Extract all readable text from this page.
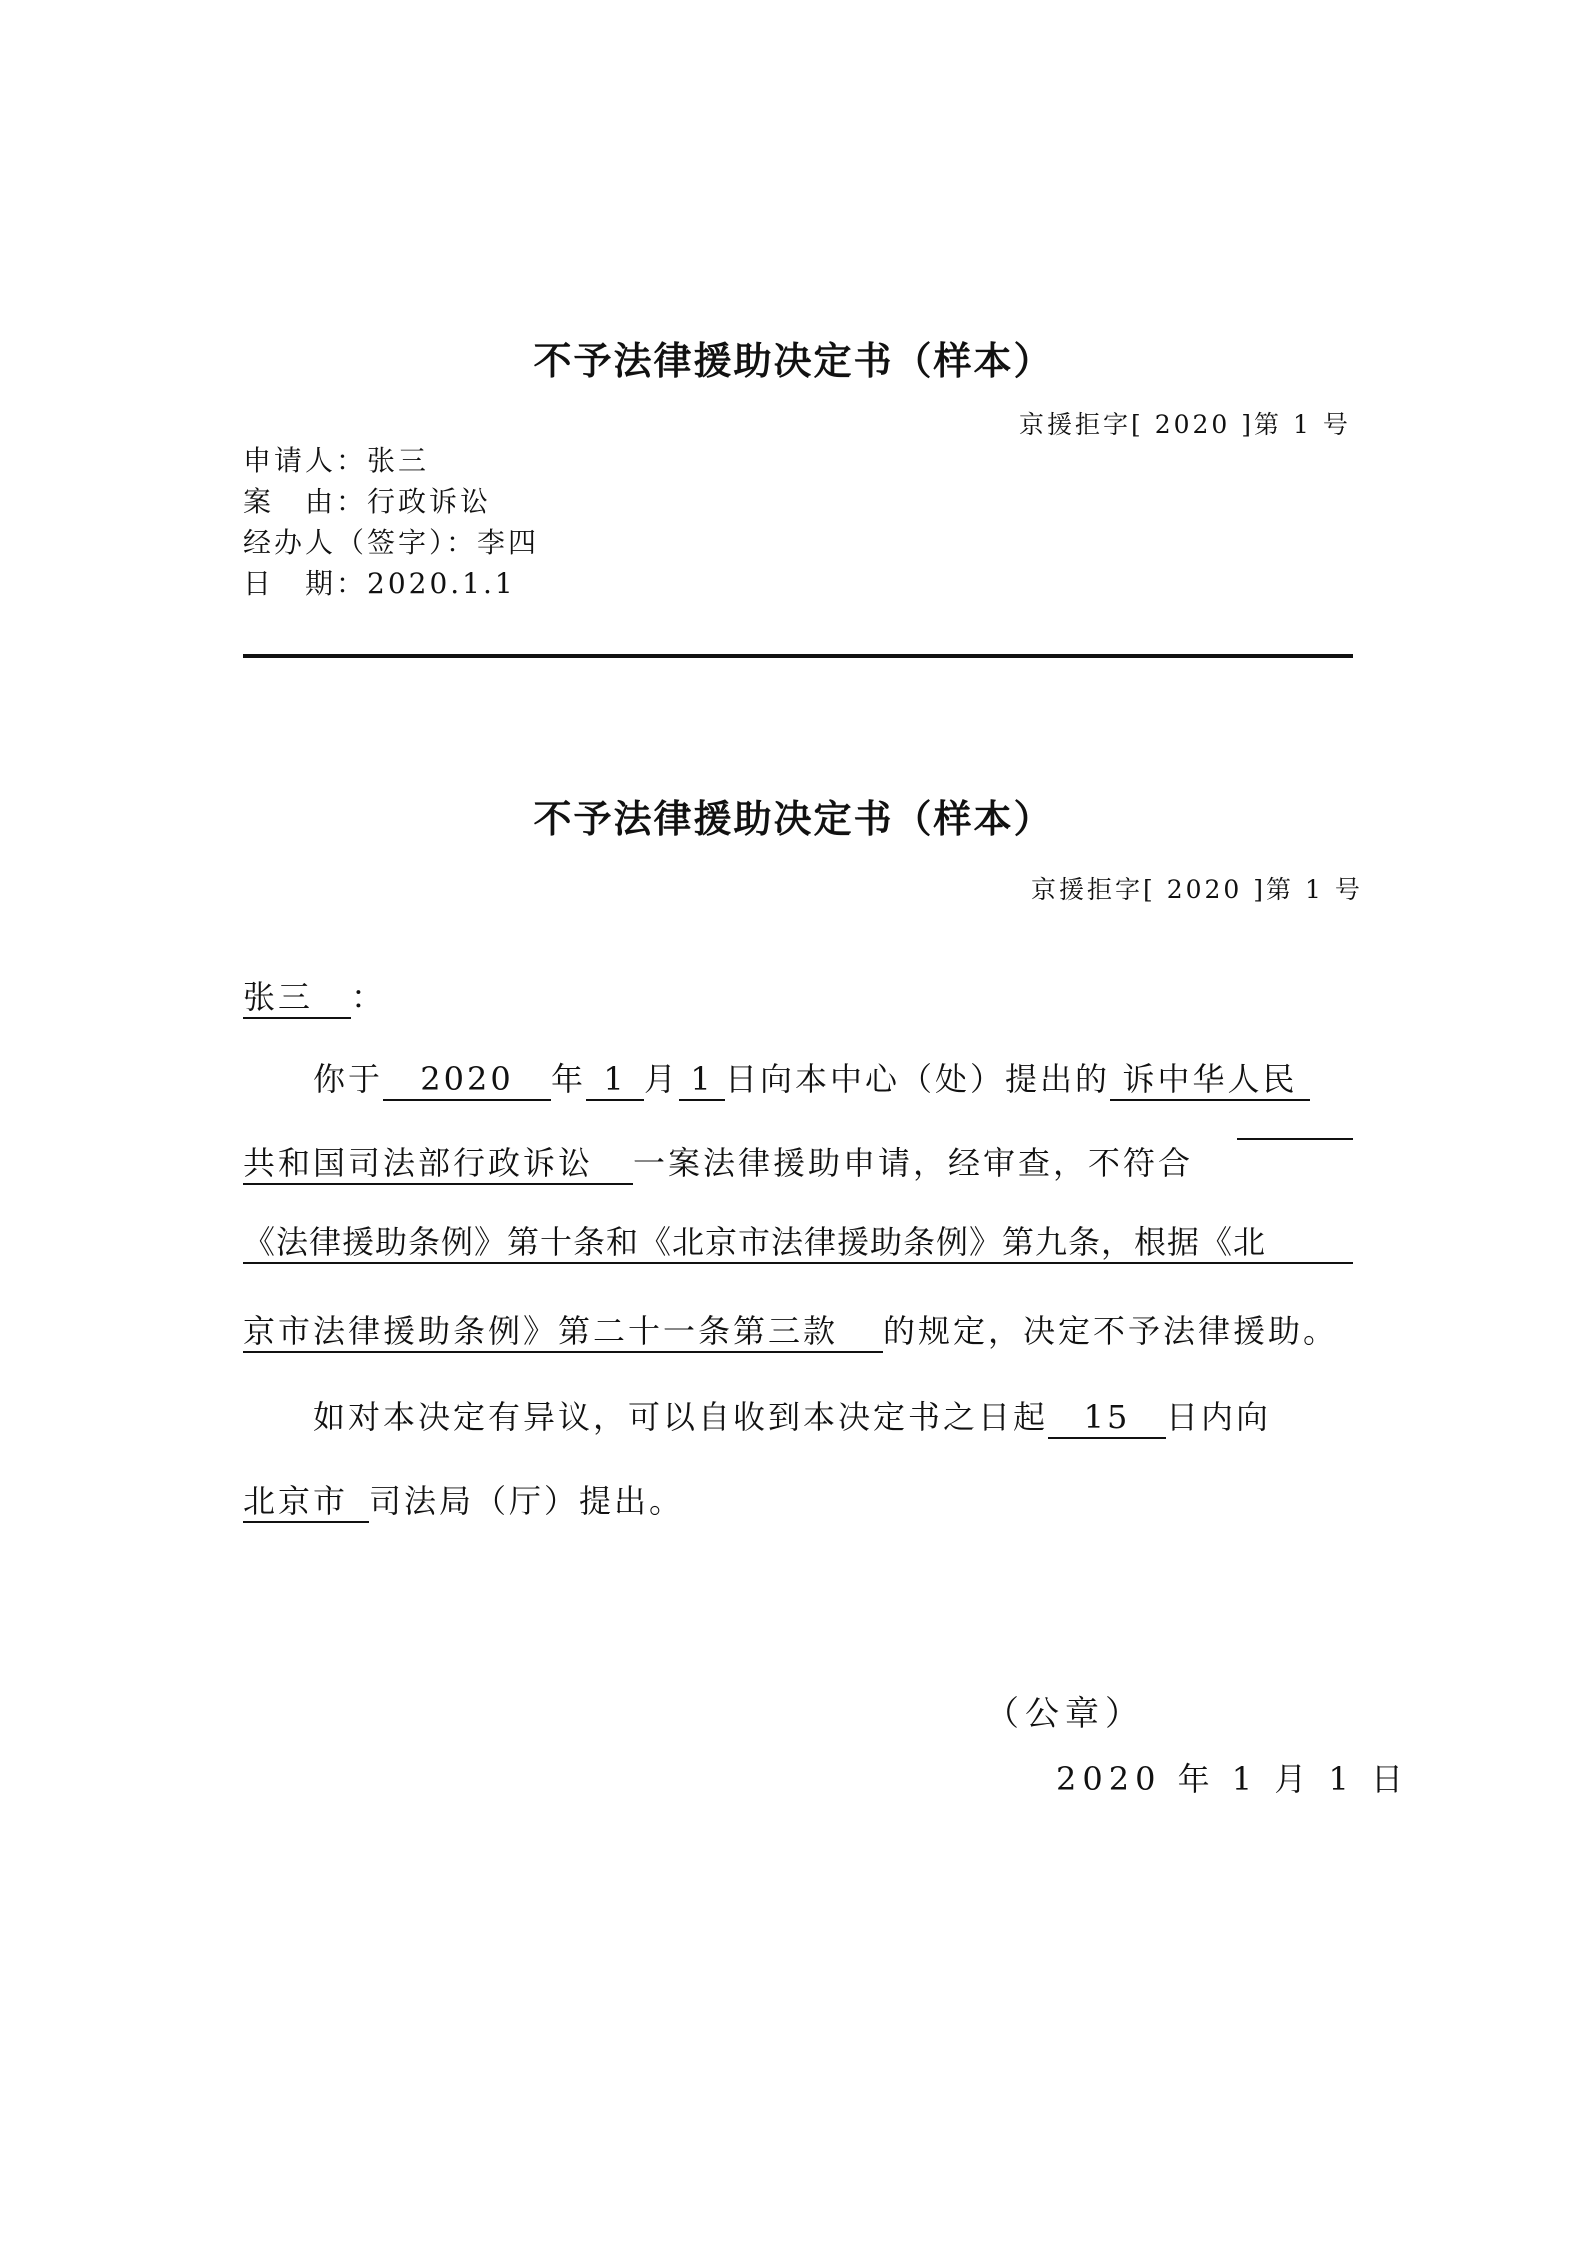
不予法律援助决定书（样本）
京援拒字[ 2020 ]第 1 号
申请人：张三
案　由：行政诉讼
经办人（签字）：李四
日　期：2020.1.1
不予法律援助决定书（样本）
京援拒字[ 2020 ]第 1 号
张三 ：
你于 2020 年 1 月 1 日向本中心（处）提出的 诉中华人民
共和国司法部行政诉讼 一案法律援助申请，经审查，不符合
《法律援助条例》第十条和《北京市法律援助条例》第九条，根据《北
京市法律援助条例》第二十一条第三款 的规定，决定不予法律援助。
如对本决定有异议，可以自收到本决定书之日起 15 日内向
北京市 司法局（厅）提出。
（公章）
2020 年 1 月 1 日
